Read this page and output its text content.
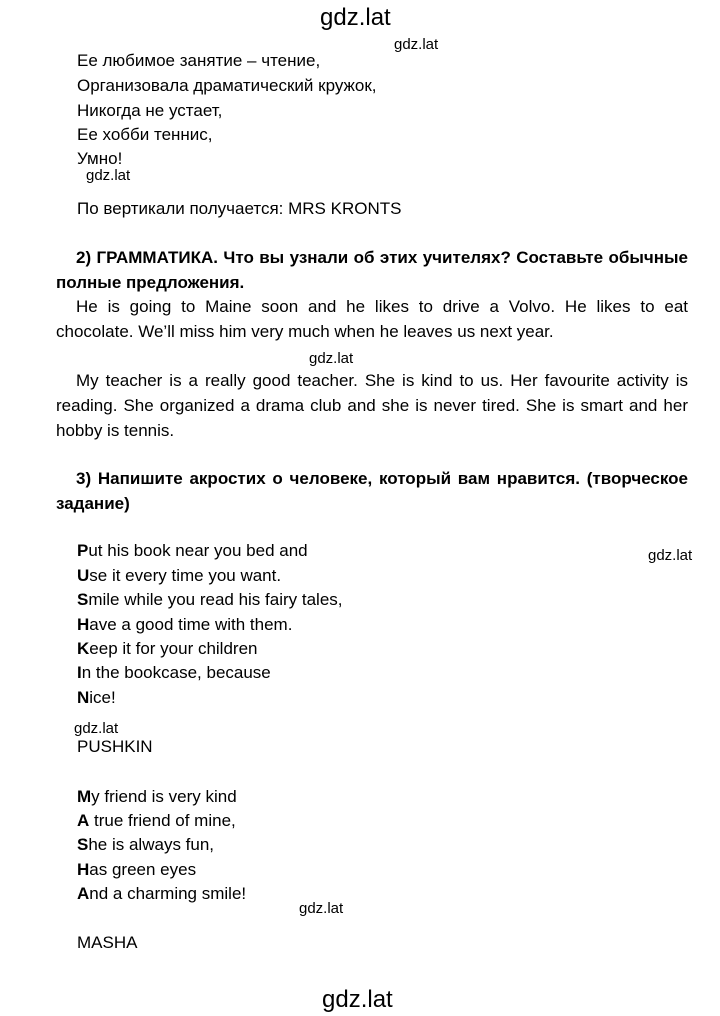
gdz.lat
gdz.lat
gdz.lat
gdz.lat
gdz.lat
gdz.lat
gdz.lat
gdz.lat
Ее любимое занятие – чтение,
Организовала драматический кружок,
Никогда не устает,
Ее хобби теннис,
Умно!
По вертикали получается: MRS KRONTS
2) ГРАММАТИКА. Что вы узнали об этих учителях? Составьте обычные полные предложения.
He is going to Maine soon and he likes to drive a Volvo. He likes to eat chocolate. We’ll miss him very much when he leaves us next year.
My teacher is a really good teacher. She is kind to us. Her favourite activity is reading. She organized a drama club and she is never tired. She is smart and her hobby is tennis.
3) Напишите акростих о человеке, который вам нравится. (творческое задание)
Put his book near you bed and
Use it every time you want.
Smile while you read his fairy tales,
Have a good time with them.
Keep it for your children
In the bookcase, because
Nice!
PUSHKIN
My friend is very kind
A true friend of mine,
She is always fun,
Has green eyes
And a charming smile!
MASHA
